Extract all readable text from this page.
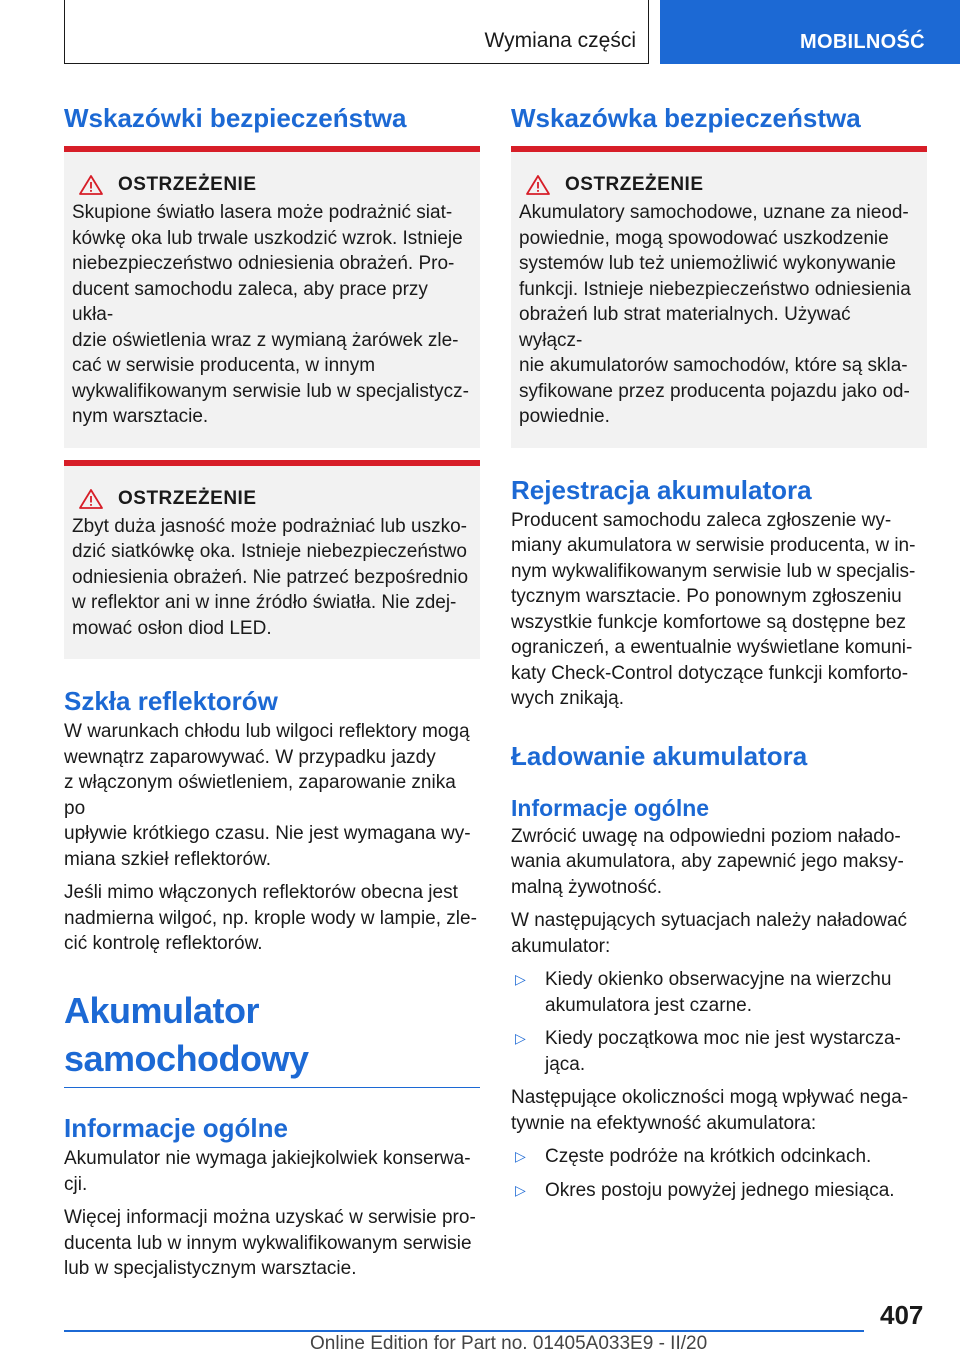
Wymiana części	MOBILNOŚĆ
Wskazówki bezpieczeństwa
OSTRZEŻENIE
Skupione światło lasera może podrażnić siat-
kówkę oka lub trwale uszkodzić wzrok. Istnieje
niebezpieczeństwo odniesienia obrażeń. Pro-
ducent samochodu zaleca, aby prace przy ukła-
dzie oświetlenia wraz z wymianą żarówek zle-
cać w serwisie producenta, w innym
wykwalifikowanym serwisie lub w specjalistycz-
nym warsztacie.
OSTRZEŻENIE
Zbyt duża jasność może podrażniać lub uszko-
dzić siatkówkę oka. Istnieje niebezpieczeństwo
odniesienia obrażeń. Nie patrzeć bezpośrednio
w reflektor ani w inne źródło światła. Nie zdej-
mować osłon diod LED.
Szkła reflektorów

W warunkach chłodu lub wilgoci reflektory mogą
wewnątrz zaparowywać. W przypadku jazdy
z włączonym oświetleniem, zaparowanie znika po
upływie krótkiego czasu. Nie jest wymagana wy-
miana szkieł reflektorów.

Jeśli mimo włączonych reflektorów obecna jest
nadmierna wilgoć, np. krople wody w lampie, zle-
cić kontrolę reflektorów.

Akumulator samochodowy
Informacje ogólne

Akumulator nie wymaga jakiejkolwiek konserwa-
cji.

Więcej informacji można uzyskać w serwisie pro-
ducenta lub w innym wykwalifikowanym serwisie
lub w specjalistycznym warsztacie.

Wskazówka bezpieczeństwa
OSTRZEŻENIE
Akumulatory samochodowe, uznane za nieod-
powiednie, mogą spowodować uszkodzenie
systemów lub też uniemożliwić wykonywanie
funkcji. Istnieje niebezpieczeństwo odniesienia
obrażeń lub strat materialnych. Używać wyłącz-
nie akumulatorów samochodów, które są skla-
syfikowane przez producenta pojazdu jako od-
powiednie.
Rejestracja akumulatora

Producent samochodu zaleca zgłoszenie wy-
miany akumulatora w serwisie producenta, w in-
nym wykwalifikowanym serwisie lub w specjalis-
tycznym warsztacie. Po ponownym zgłoszeniu
wszystkie funkcje komfortowe są dostępne bez
ograniczeń, a ewentualnie wyświetlane komuni-
katy Check-Control dotyczące funkcji komforto-
wych znikają.

Ładowanie akumulatora
Informacje ogólne

Zwrócić uwagę na odpowiedni poziom nałado-
wania akumulatora, aby zapewnić jego maksy-
malną żywotność.

W następujących sytuacjach należy naładować
akumulator:

▷ Kiedy okienko obserwacyjne na wierzchu
akumulatora jest czarne.
▷ Kiedy początkowa moc nie jest wystarcza-
jąca.

Następujące okoliczności mogą wpływać nega-
tywnie na efektywność akumulatora:

▷ Częste podróże na krótkich odcinkach.
▷ Okres postoju powyżej jednego miesiąca.
407
Online Edition for Part no. 01405A033E9 - II/20
